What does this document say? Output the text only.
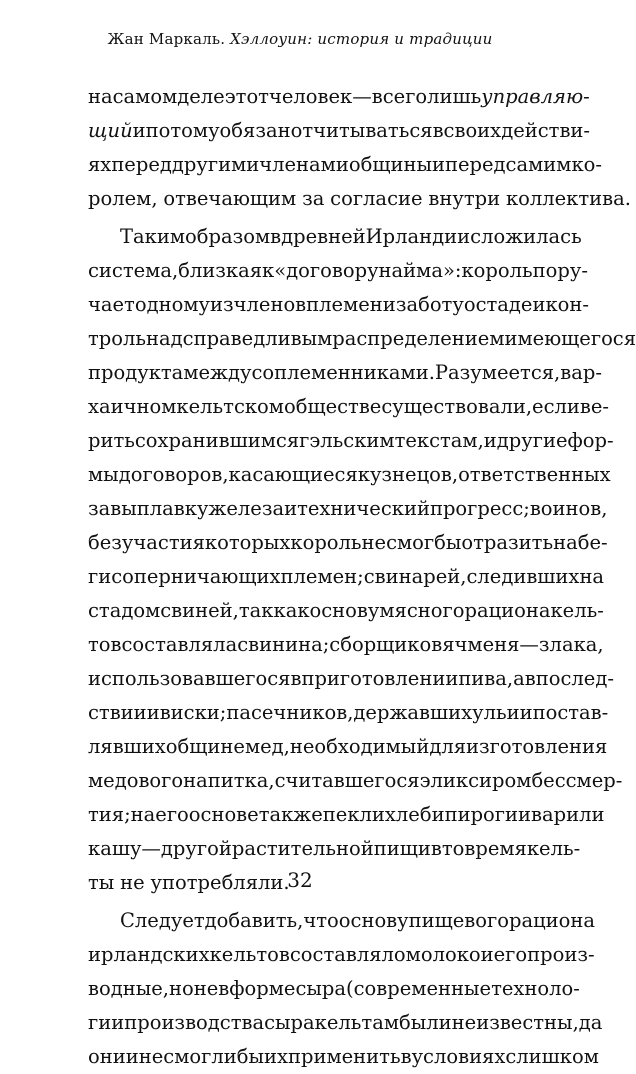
Жан Маркаль. Хэллоуин: история и традиции
на самом деле этот человек — всего лишь управляю-
щий и потому обязан отчитываться в своих действи-
ях перед другими членами общины и перед самим ко-
ролем, отвечающим за согласие внутри коллектива.
Таким образом в древней Ирландии сложилась
система, близкая к «договору найма»: король пору-
чает одному из членов племени заботу о стаде и кон-
троль над справедливым распределением имеющегося
продукта между соплеменниками. Разумеется, в ар-
хаичном кельтском обществе существовали, если ве-
рить сохранившимся гэльским текстам, и другие фор-
мы договоров, касающиеся кузнецов, ответственных
за выплавку железа и технический прогресс; воинов,
без участия которых король не смог бы отразить набе-
ги соперничающих племен; свинарей, следивших на
стадом свиней, так как основу мясного рациона кель-
тов составляла свинина; сборщиков ячменя — злака,
использовавшегося в приготовлении пива, а впослед-
ствии и виски; пасечников, державших ульи и постав-
лявших общине мед, необходимый для изготовления
медового напитка, считавшегося эликсиром бессмер-
тия; на его основе также пекли хлеб и пироги и варили
кашу — другой растительной пищи в то время кель-
ты не употребляли.
Следует добавить, что основу пищевого рациона
ирландских кельтов составляло молоко и его произ-
водные, но не в форме сыра (современные техноло-
гии производства сыра кельтам были неизвестны, да
они и не смогли бы их применить в условиях слишком
32
